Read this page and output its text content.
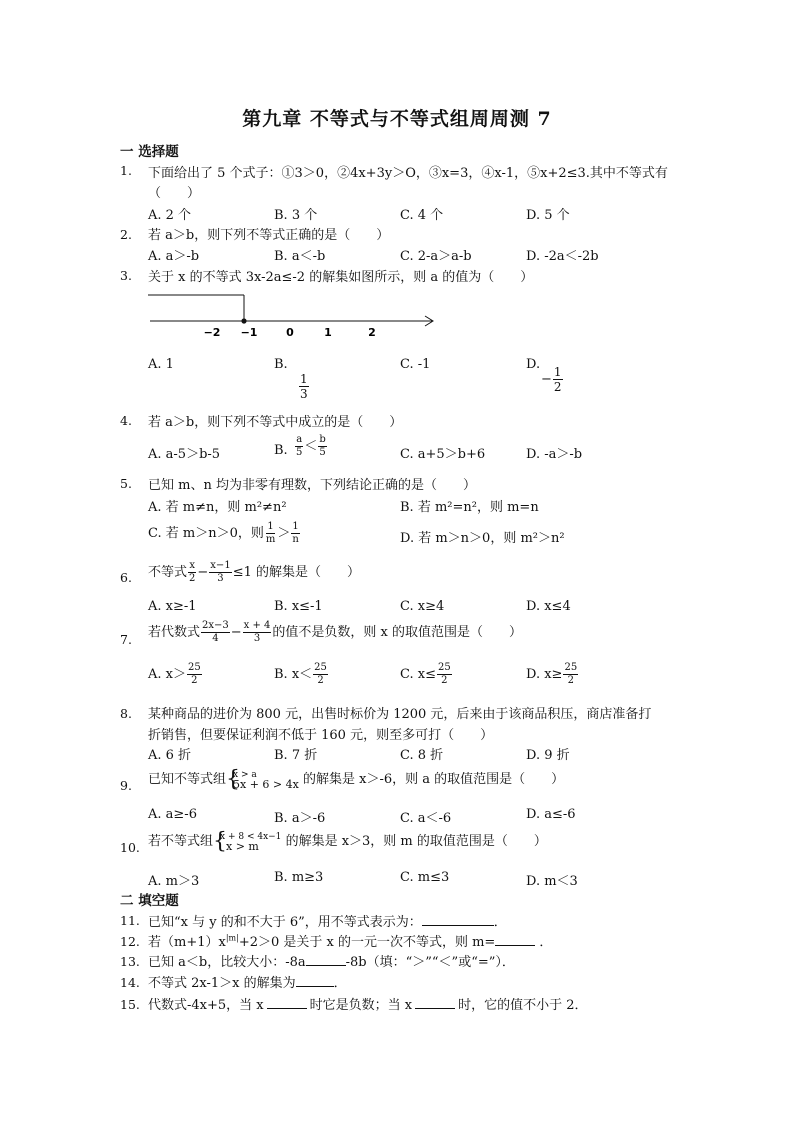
第九章 不等式与不等式组周周测 7
一 选择题
1. 下面给出了 5 个式子：①3＞0，②4x+3y＞O，③x=3，④x-1，⑤x+2≤3.其中不等式有
（　　）
A. 2 个	B. 3 个	C. 4 个	D. 5 个
2. 若 a＞b，则下列不等式正确的是（　　）
A. a＞-b	B. a＜-b	C. 2-a＞a-b	D. -2a＜-2b
3. 关于 x 的不等式 3x-2a≤-2 的解集如图所示，则 a 的值为（　　）
−2 −1	0	1	2
A. 1	B.
$\frac{1}{3}$
C. -1	D.
− $\frac{1}{2}$
4. 若 a＞b，则下列不等式中成立的是（　　）
A. a-5＞b-5	B. $\frac{a}{5} < \frac{b}{5}$	C. a+5＞b+6	D. -a＞-b
5. 已知 m、n 均为非零有理数，下列结论正确的是（　　）
A. 若 m≠n，则 m²≠n²	B. 若 m²=n²，则 m=n
C. 若 m＞n＞0，则 $\frac{1}{m} > \frac{1}{n}$	D. 若 m＞n＞0，则 m²＞n²
6. 不等式 $\frac{x}{2} - \frac{x-1}{3} \le 1$ 的解集是（　　）
A. x≥-1	B. x≤-1	C. x≥4	D. x≤4
7. 若代数式 $\frac{2x-3}{4} - \frac{x + 4}{3}$ 的值不是负数，则 x 的取值范围是（　　）
A. $x> \frac{25}{2}$	B. $x< \frac{25}{2}$	C. $x\le \frac{25}{2}$	D. $x\ge \frac{25}{2}$
8. 某种商品的进价为 800 元，出售时标价为 1200 元，后来由于该商品积压，商店准备打
折销售，但要保证利润不低于 160 元，则至多可打（　　）
A. 6 折	B. 7 折	C. 8 折	D. 9 折
9. 已知不等式组 { x > a
5x + 6 > 4x 的解集是 x＞-6，则 a 的取值范围是（　　）
A. a≥-6	B. a＞-6	C. a＜-6	D. a≤-6
10. 若不等式组 { x + 8 < 4x−1
x > m	的解集是 x＞3，则 m 的取值范围是（　　）
A. m＞3	B. m≥3	C. m≤3	D. m＜3
二 填空题
11. 已知“x 与 y 的和不大于 6”，用不等式表示为：	．
12. 若$(m+1)x^{|m|}+2>0$ 是关于 x 的一元一次不等式，则 m=	．
13. 已知 a＜b，比较大小：-8a	-8b（填：“＞”“＜”或“=”）．
14. 不等式 2x-1＞x 的解集为	．
15. 代数式-4x+5，当 x	时它是负数；当 x	时，它的值不小于 2．
